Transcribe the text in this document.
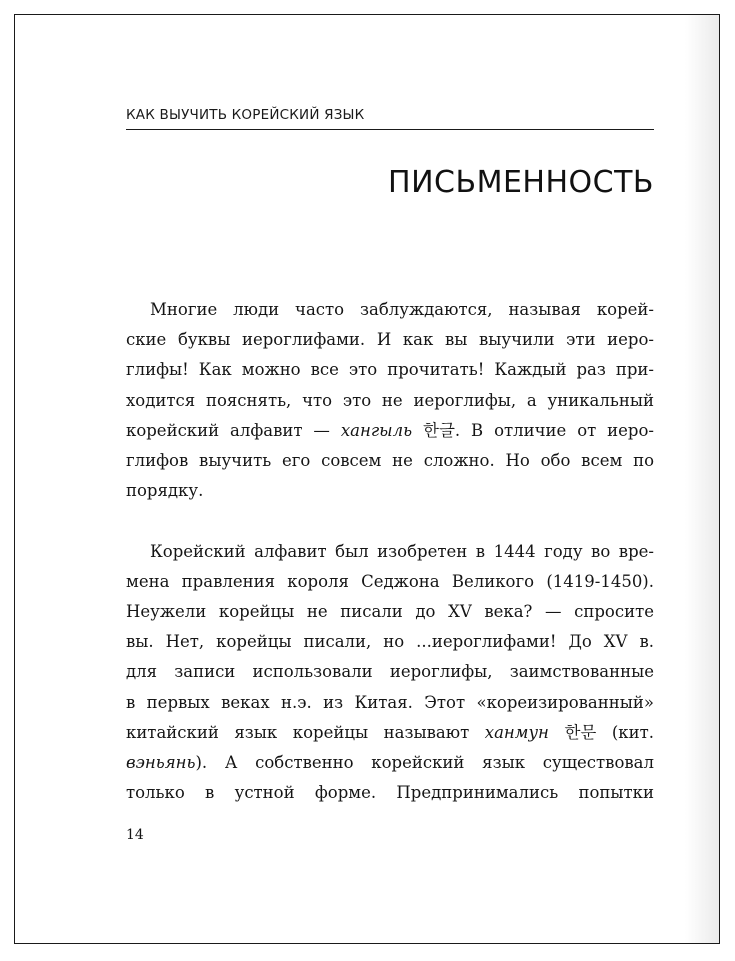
КАК ВЫУЧИТЬ КОРЕЙСКИЙ ЯЗЫК
ПИСЬМЕННОСТЬ
Многие люди часто заблуждаются, называя корей-
ские буквы иероглифами. И как вы выучили эти иеро-
глифы! Как можно все это прочитать! Каждый раз при-
ходится пояснять, что это не иероглифы, а уникальный
корейский алфавит — хангыль 한글. В отличие от иеро-
глифов выучить его совсем не сложно. Но обо всем по
порядку.
Корейский алфавит был изобретен в 1444 году во вре-
мена правления короля Седжона Великого (1419-1450).
Неужели корейцы не писали до XV века? — спросите
вы. Нет, корейцы писали, но ...иероглифами! До XV в.
для записи использовали иероглифы, заимствованные
в первых веках н.э. из Китая. Этот «кореизированный»
китайский язык корейцы называют ханмун 한문 (кит.
вэньянь). А собственно корейский язык существовал
только в устной форме. Предпринимались попытки
14
